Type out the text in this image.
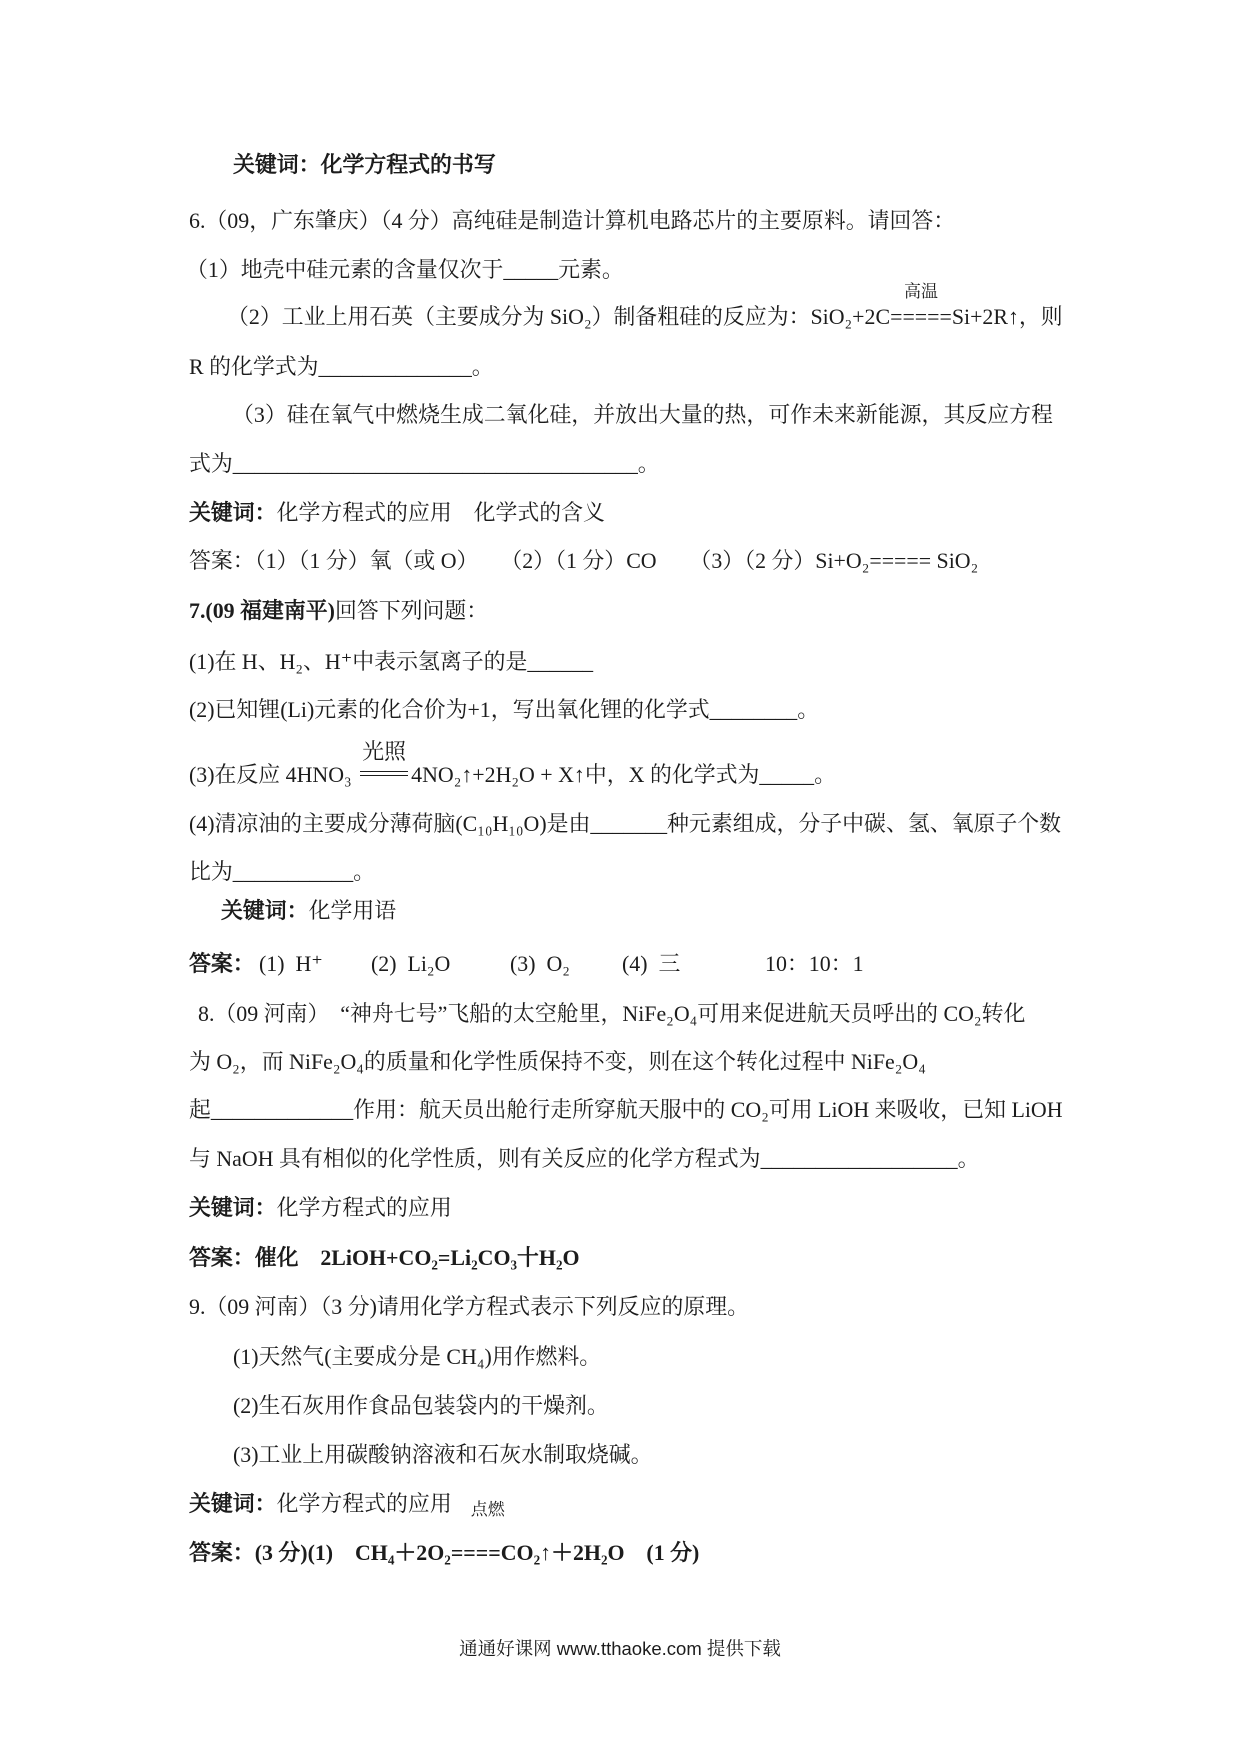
关键词：化学方程式的书写
6.（09，广东肇庆）（4 分）高纯硅是制造计算机电路芯片的主要原料。请回答：
（1）地壳中硅元素的含量仅次于_____元素。
（2）工业上用石英（主要成分为 SiO₂）制备粗硅的反应为：SiO₂+2C
高温
=====Si+2R↑，则
R 的化学式为______________。
（3）硅在氧气中燃烧生成二氧化硅，并放出大量的热，可作未来新能源，其反应方程
式为_____________________________________。
关键词：化学方程式的应用　化学式的含义
答案：（1）（1 分）氧（或 O）　　（2）（1 分）CO　　（3）（2 分）Si+O₂===== SiO₂
7.(09 福建南平)回答下列问题：
(1)在 H、H₂、H⁺中表示氢离子的是______
(2)已知锂(Li)元素的化合价为+1，写出氧化锂的化学式________。
(3)在反应 4HNO₃
光照
4NO₂↑+2H₂O + X↑中，X 的化学式为_____。
(4)清凉油的主要成分薄荷脑(C₁₀H₁₀O)是由_______种元素组成，分子中碳、氢、氧原子个数
比为___________。
关键词：化学用语
答案： (1)  H⁺ (2)  Li₂O	(3)  O₂ (4)  三	10：10：1
8.（09 河南）　“神舟七号”飞船的太空舱里，NiFe₂O₄可用来促进航天员呼出的 CO₂转化
为 O₂，而 NiFe₂O₄的质量和化学性质保持不变，则在这个转化过程中 NiFe₂O₄
起_____________作用：航天员出舱行走所穿航天服中的 CO₂可用 LiOH 来吸收，已知 LiOH
与 NaOH 具有相似的化学性质，则有关反应的化学方程式为__________________。
关键词：化学方程式的应用
答案：催化　2LiOH+CO₂=Li₂CO₃十H₂O
9.（09 河南）（3 分)请用化学方程式表示下列反应的原理。
(1)天然气(主要成分是 CH₄)用作燃料。
(2)生石灰用作食品包装袋内的干燥剂。
(3)工业上用碳酸钠溶液和石灰水制取烧碱。
关键词：化学方程式的应用
答案：(3 分)(1)　CH₄＋2O₂
点燃
====CO₂↑＋2H₂O　(1 分)
通通好课网 www.tthaoke.com 提供下载
